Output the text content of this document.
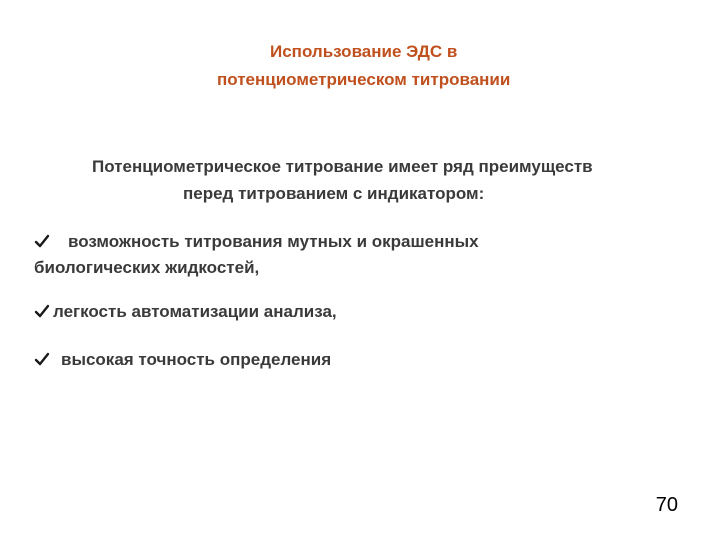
Использование ЭДС в
потенциометрическом титровании
Потенциометрическое титрование имеет ряд преимуществ
перед титрованием с индикатором:
возможность титрования мутных и окрашенных
биологических жидкостей,
легкость автоматизации анализа,
высокая точность определения
70
